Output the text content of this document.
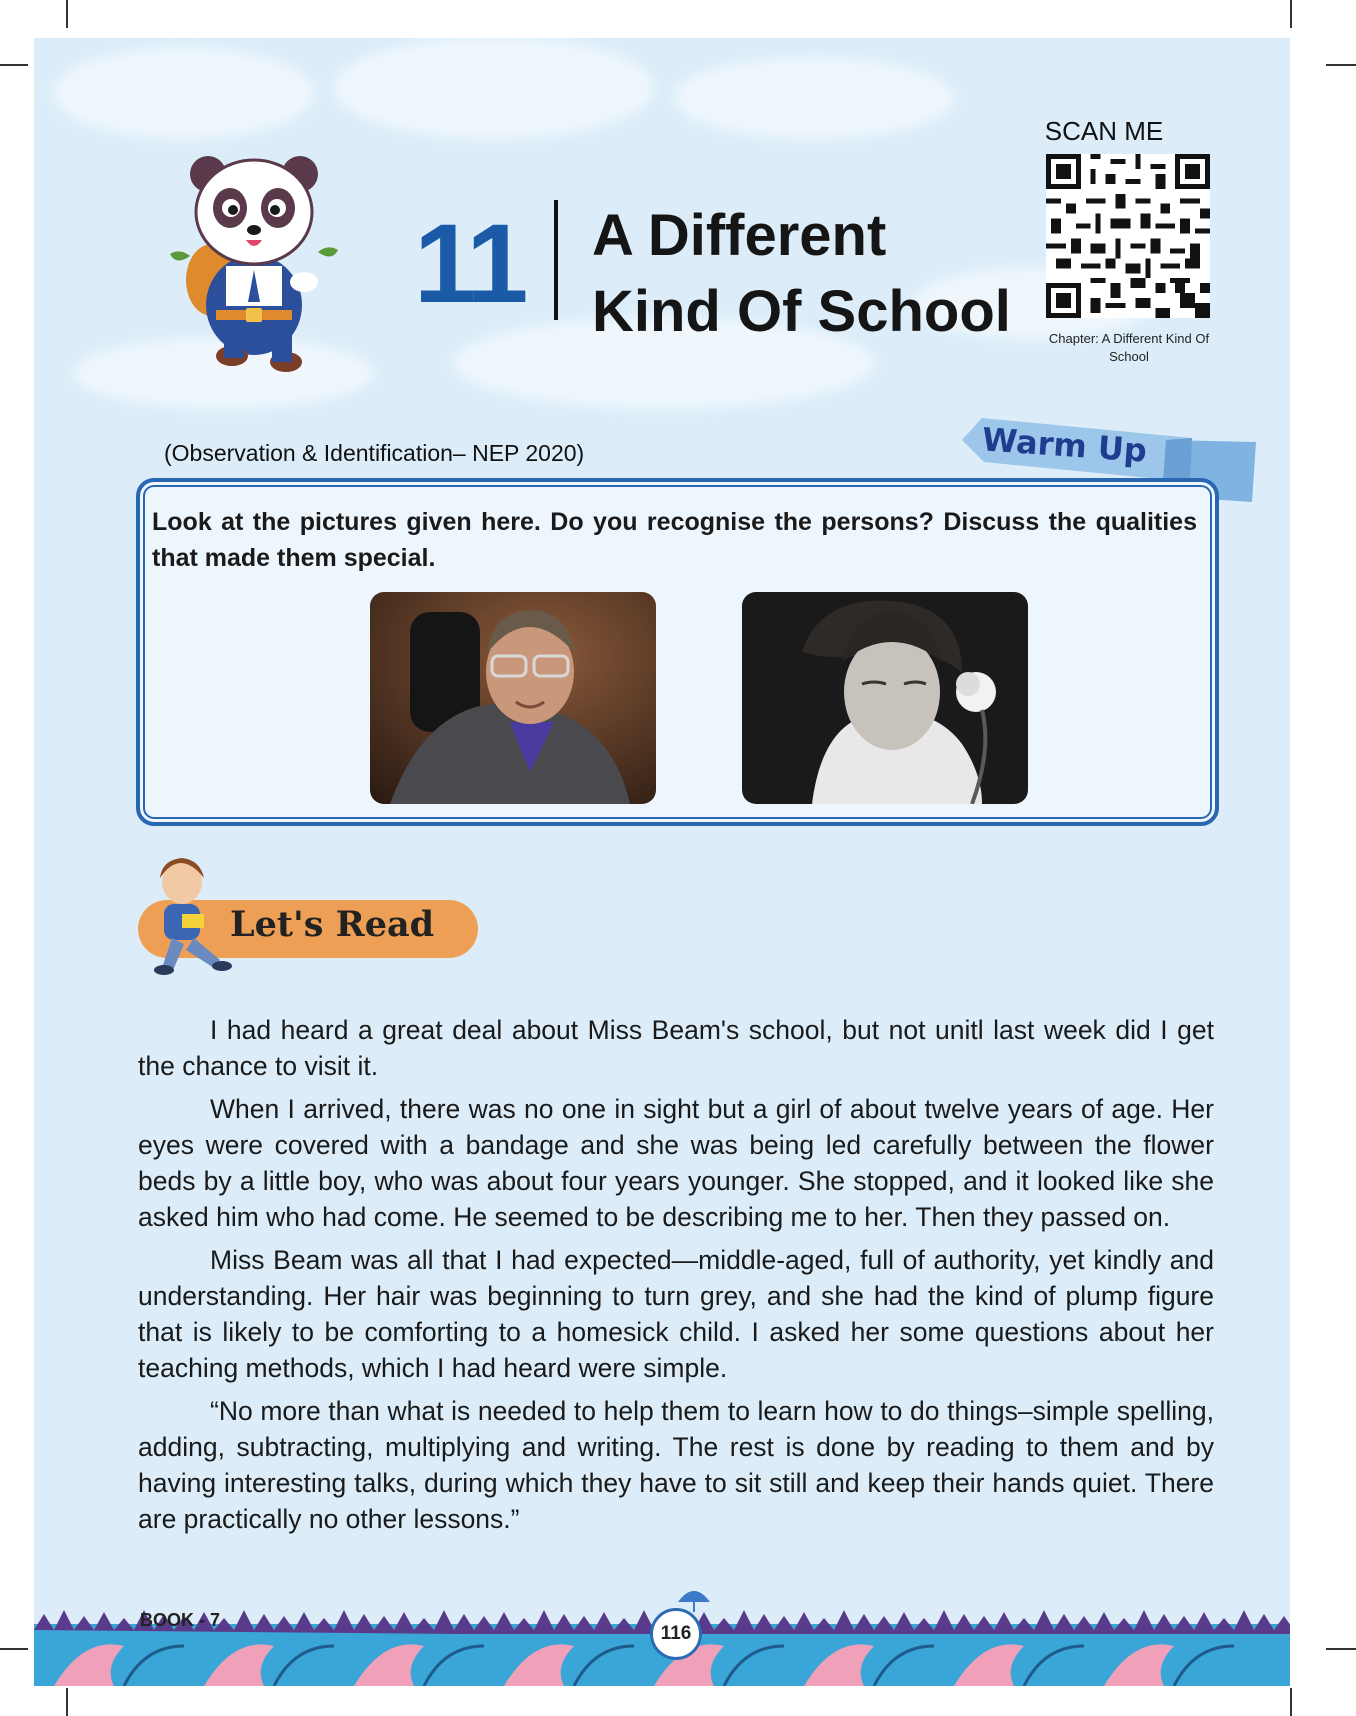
11 A Different
Kind Of School
SCAN ME
Chapter: A Different Kind Of School
(Observation & Identification– NEP 2020)	Warm Up
Look at the pictures given here. Do you recognise the persons? Discuss the qualities that made them special.
Let's Read

I had heard a great deal about Miss Beam's school, but not unitl last week did I get the chance to visit it.

When I arrived, there was no one in sight but a girl of about twelve years of age. Her eyes were covered with a bandage and she was being led carefully between the flower beds by a little boy, who was about four years younger. She stopped, and it looked like she asked him who had come. He seemed to be describing me to her. Then they passed on.

Miss Beam was all that I had expected—middle-aged, full of authority, yet kindly and understanding. Her hair was beginning to turn grey, and she had the kind of plump figure that is likely to be comforting to a homesick child. I asked her some questions about her teaching methods, which I had heard were simple.

“No more than what is needed to help them to learn how to do things–simple spelling, adding, subtracting, multiplying and writing. The rest is done by reading to them and by having interesting talks, during which they have to sit still and keep their hands quiet. There are practically no other lessons.”

BOOK - 7
116
